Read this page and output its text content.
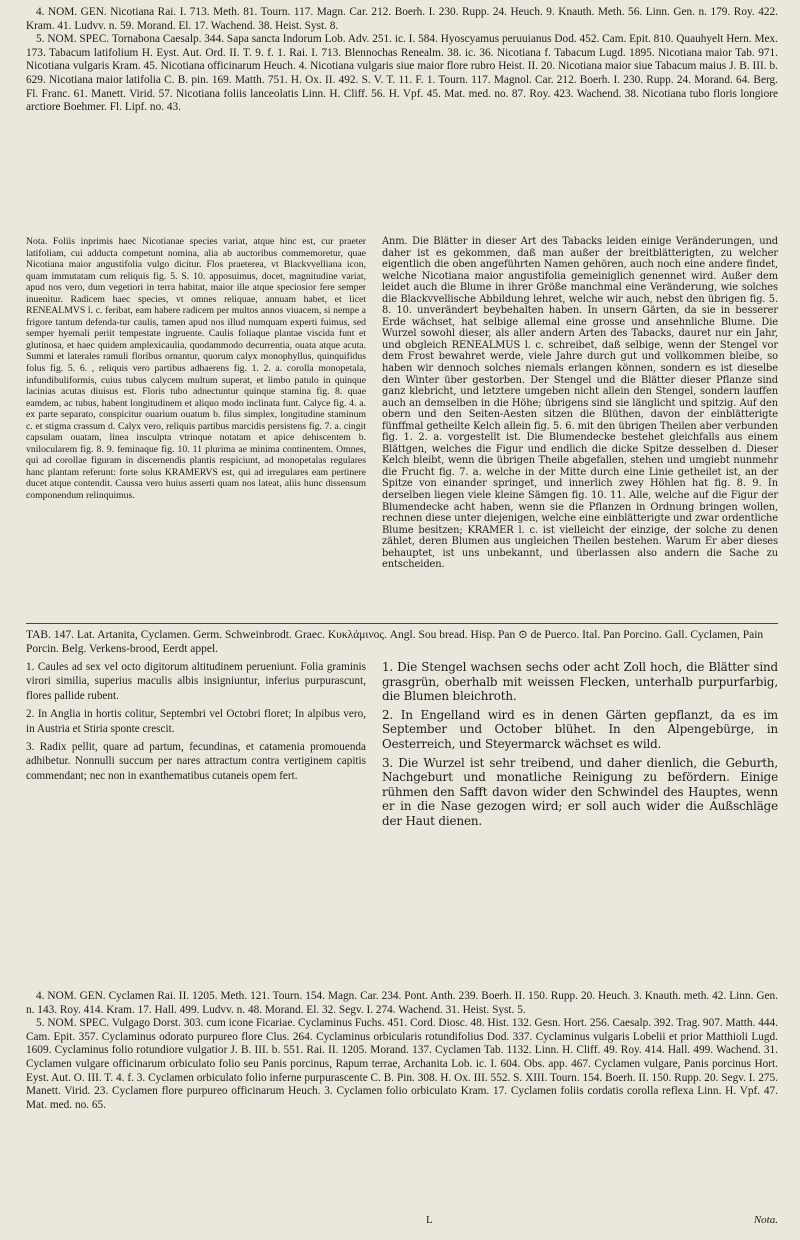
4. NOM. GEN. Nicotiana Rai. I. 713. Meth. 81. Tourn. 117. Magn. Car. 212. Boerh. I. 230. Rupp. 24. Heuch. 9. Knauth. Meth. 56. Linn. Gen. n. 179. Roy. 422. Kram. 41. Ludvv. n. 59. Morand. El. 17. Wachend. 38. Heist. Syst. 8.

5. NOM. SPEC. Tornabona Caesalp. 344. Sapa sancta Indorum Lob. Adv. 251. ic. I. 584. Hyoscyamus peruuianus Dod. 452. Cam. Epit. 810. Quauhyelt Hern. Mex. 173. Tabacum latifolium H. Eyst. Aut. Ord. II. T. 9. f. 1. Rai. I. 713. Blennochas Renealm. 38. ic. 36. Nicotiana f. Tabacum Lugd. 1895. Nicotiana maior Tab. 971. Nicotiana vulgaris Kram. 45. Nicotiana officinarum Heuch. 4. Nicotiana vulgaris siue maior flore rubro Heist. II. 20. Nicotiana maior siue Tabacum maius J. B. III. b. 629. Nicotiana maior latifolia C. B. pin. 169. Matth. 751. H. Ox. II. 492. S. V. T. 11. F. 1. Tourn. 117. Magnol. Car. 212. Boerh. I. 230. Rupp. 24. Morand. 64. Berg. Fl. Franc. 61. Manett. Virid. 57. Nicotiana foliis lanceolatis Linn. H. Cliff. 56. H. Vpf. 45. Mat. med. no. 87. Roy. 423. Wachend. 38. Nicotiana tubo floris longiore arctiore Boehmer. Fl. Lipf. no. 43.

Nota. Foliis inprimis haec Nicotianae species variat, atque hinc est, cur praeter latifoliam, cui adducta competunt nomina, alia ab auctoribus commemoretur, quae Nicotiana maior angustifolia vulgo dicitur. Flos praeterea, vt Blackvvelliana icon, quam immutatam cum reliquis fig. 5. S. 10. apposuimus, docet, magnitudine variat, apud nos vero, dum vegetiori in terra habitat, maior ille atque speciosior fere semper inuenitur. Radicem haec species, vt omnes reliquae, annuam habet, et licet RENEALMVS l. c. feribat, eam habere radicem per multos annos viuacem, si nempe a frigore tantum defenda-tur caulis, tamen apud nos illud numquam experti fuimus, sed semper hyemali periit tempestate ingruente. Caulis foliaque plantae viscida funt et glutinosa, et haec quidem amplexicaulia, quodammodo decurrentia, ouata atque acuta. Summi et laterales ramuli floribus ornantur, quorum calyx monophyllus, quinquifidus folus fig. 5. 6. , reliquis vero partibus adhaerens fig. 1. 2. a. corolla monopetala, infundibuliformis, cuius tubus calycem multum superat, et limbo patulo in quinque lacinias acutas diuisus est. Floris tubo adnectuntur quinque stamina fig. 8. quae eamdem, ac tubus, habent longitudinem et aliquo modo inclinata funt. Calyce fig. 4. a. ex parte separato, conspicitur ouarium ouatum b. filus simplex, longitudine staminum c. et stigma crassum d. Calyx vero, reliquis partibus marcidis persistens fig. 7. a. cingit capsulam ouatam, linea insculpta vtrinque notatam et apice dehiscentem b. vnilocularem fig. 8. 9. feminaque fig. 10. 11 plurima ae minima continentem. Omnes, qui ad corollae figuram in discernendis plantis respiciunt, ad monopetalas regulares hanc plantam referunt: forte solus KRAMERVS est, qui ad irregulares eam pertinere ducet atque contendit. Caussa vero huius asserti quam nos lateat, aliis hunc dissensum componendum relinquimus.

Anm. Die Blätter in dieser Art des Tabacks leiden einige Veränderungen, und daher ist es gekommen, daß man außer der breitblätterigten, zu welcher eigentlich die oben angeführten Namen gehören, auch noch eine andere findet, welche Nicotiana maior angustifolia gemeiniglich genennet wird. Außer dem leidet auch die Blume in ihrer Größe manchmal eine Veränderung, wie solches die Blackvvellische Abbildung lehret, welche wir auch, nebst den übrigen fig. 5. 8. 10. unverändert beybehalten haben. In unsern Gärten, da sie in besserer Erde wächset, hat selbige allemal eine grosse und ansehnliche Blume. Die Wurzel sowohl dieser, als aller andern Arten des Tabacks, dauret nur ein Jahr, und obgleich RENEALMUS l. c. schreibet, daß selbige, wenn der Stengel vor dem Frost bewahret werde, viele Jahre durch gut und vollkommen bleibe, so haben wir dennoch solches niemals erlangen können, sondern es ist dieselbe den Winter über gestorben. Der Stengel und die Blätter dieser Pflanze sind ganz klebricht, und letztere umgeben nicht allein den Stengel, sondern lauffen auch an demselben in die Höhe; übrigens sind sie länglicht und spitzig. Auf den obern und den Seiten-Aesten sitzen die Blüthen, davon der einblätterigte fünffmal getheilte Kelch allein fig. 5. 6. mit den übrigen Theilen aber verbunden fig. 1. 2. a. vorgestellt ist. Die Blumendecke bestehet gleichfalls aus einem Blättgen, welches die Figur und endlich die dicke Spitze desselben d. Dieser Kelch bleibt, wenn die übrigen Theile abgefallen, stehen und umgiebt nunmehr die Frucht fig. 7. a. welche in der Mitte durch eine Linie getheilet ist, an der Spitze von einander springet, und innerlich zwey Höhlen hat fig. 8. 9. In derselben liegen viele kleine Sämgen fig. 10. 11. Alle, welche auf die Figur der Blumendecke acht haben, wenn sie die Pflanzen in Ordnung bringen wollen, rechnen diese unter diejenigen, welche eine einblätterigte und zwar ordentliche Blume besitzen; KRAMER l. c. ist vielleicht der einzige, der solche zu denen zählet, deren Blumen aus ungleichen Theilen bestehen. Warum Er aber dieses behauptet, ist uns unbekannt, und überlassen also andern die Sache zu entscheiden.

TAB. 147. Lat. Artanita, Cyclamen. Germ. Schweinbrodt. Graec. Κυκλάμινος. Angl. Sou bread. Hisp. Pan ⊙ de Puerco. Ital. Pan Porcino. Gall. Cyclamen, Pain Porcin. Belg. Verkens-brood, Eerdt appel.

1. Caules ad sex vel octo digitorum altitudinem perueniunt. Folia graminis virori similia, superius maculis albis insigniuntur, inferius purpurascunt, flores pallide rubent.

2. In Anglia in hortis colitur, Septembri vel Octobri floret; In alpibus vero, in Austria et Stiria sponte crescit.

3. Radix pellit, quare ad partum, fecundinas, et catamenia promouenda adhibetur. Nonnulli succum per nares attractum contra vertiginem capitis commendant; nec non in exanthematibus cutaneis opem fert.

1. Die Stengel wachsen sechs oder acht Zoll hoch, die Blätter sind grasgrün, oberhalb mit weissen Flecken, unterhalb purpurfarbig, die Blumen bleichroth.

2. In Engelland wird es in denen Gärten gepflanzt, da es im September und October blühet. In den Alpengebürge, in Oesterreich, und Steyermarck wächset es wild.

3. Die Wurzel ist sehr treibend, und daher dienlich, die Geburth, Nachgeburt und monatliche Reinigung zu befördern. Einige rühmen den Safft davon wider den Schwindel des Hauptes, wenn er in die Nase gezogen wird; er soll auch wider die Außschläge der Haut dienen.

4. NOM. GEN. Cyclamen Rai. II. 1205. Meth. 121. Tourn. 154. Magn. Car. 234. Pont. Anth. 239. Boerh. II. 150. Rupp. 20. Heuch. 3. Knauth. meth. 42. Linn. Gen. n. 143. Roy. 414. Kram. 17. Hall. 499. Ludvv. n. 48. Morand. El. 32. Segv. I. 274. Wachend. 31. Heist. Syst. 5.

5. NOM. SPEC. Vulgago Dorst. 303. cum icone Ficariae. Cyclaminus Fuchs. 451. Cord. Diosc. 48. Hist. 132. Gesn. Hort. 256. Caesalp. 392. Trag. 907. Matth. 444. Cam. Epit. 357. Cyclaminus odorato purpureo flore Clus. 264. Cyclaminus orbicularis rotundifolius Dod. 337. Cyclaminus vulgaris Lobelii et prior Matthioli Lugd. 1609. Cyclaminus folio rotundiore vulgatior J. B. III. b. 551. Rai. II. 1205. Morand. 137. Cyclamen Tab. 1132. Linn. H. Cliff. 49. Roy. 414. Hall. 499. Wachend. 31. Cyclamen vulgare officinarum orbiculato folio seu Panis porcinus, Rapum terrae, Archanita Lob. ic. I. 604. Obs. app. 467. Cyclamen vulgare, Panis porcinus Hort. Eyst. Aut. O. III. T. 4. f. 3. Cyclamen orbiculato folio inferne purpurascente C. B. Pin. 308. H. Ox. III. 552. S. XIII. Tourn. 154. Boerh. II. 150. Rupp. 20. Segv. I. 275. Manett. Virid. 23. Cyclamen flore purpureo officinarum Heuch. 3. Cyclamen folio orbiculato Kram. 17. Cyclamen foliis cordatis corolla reflexa Linn. H. Vpf. 47. Mat. med. no. 65.

L	Nota.
